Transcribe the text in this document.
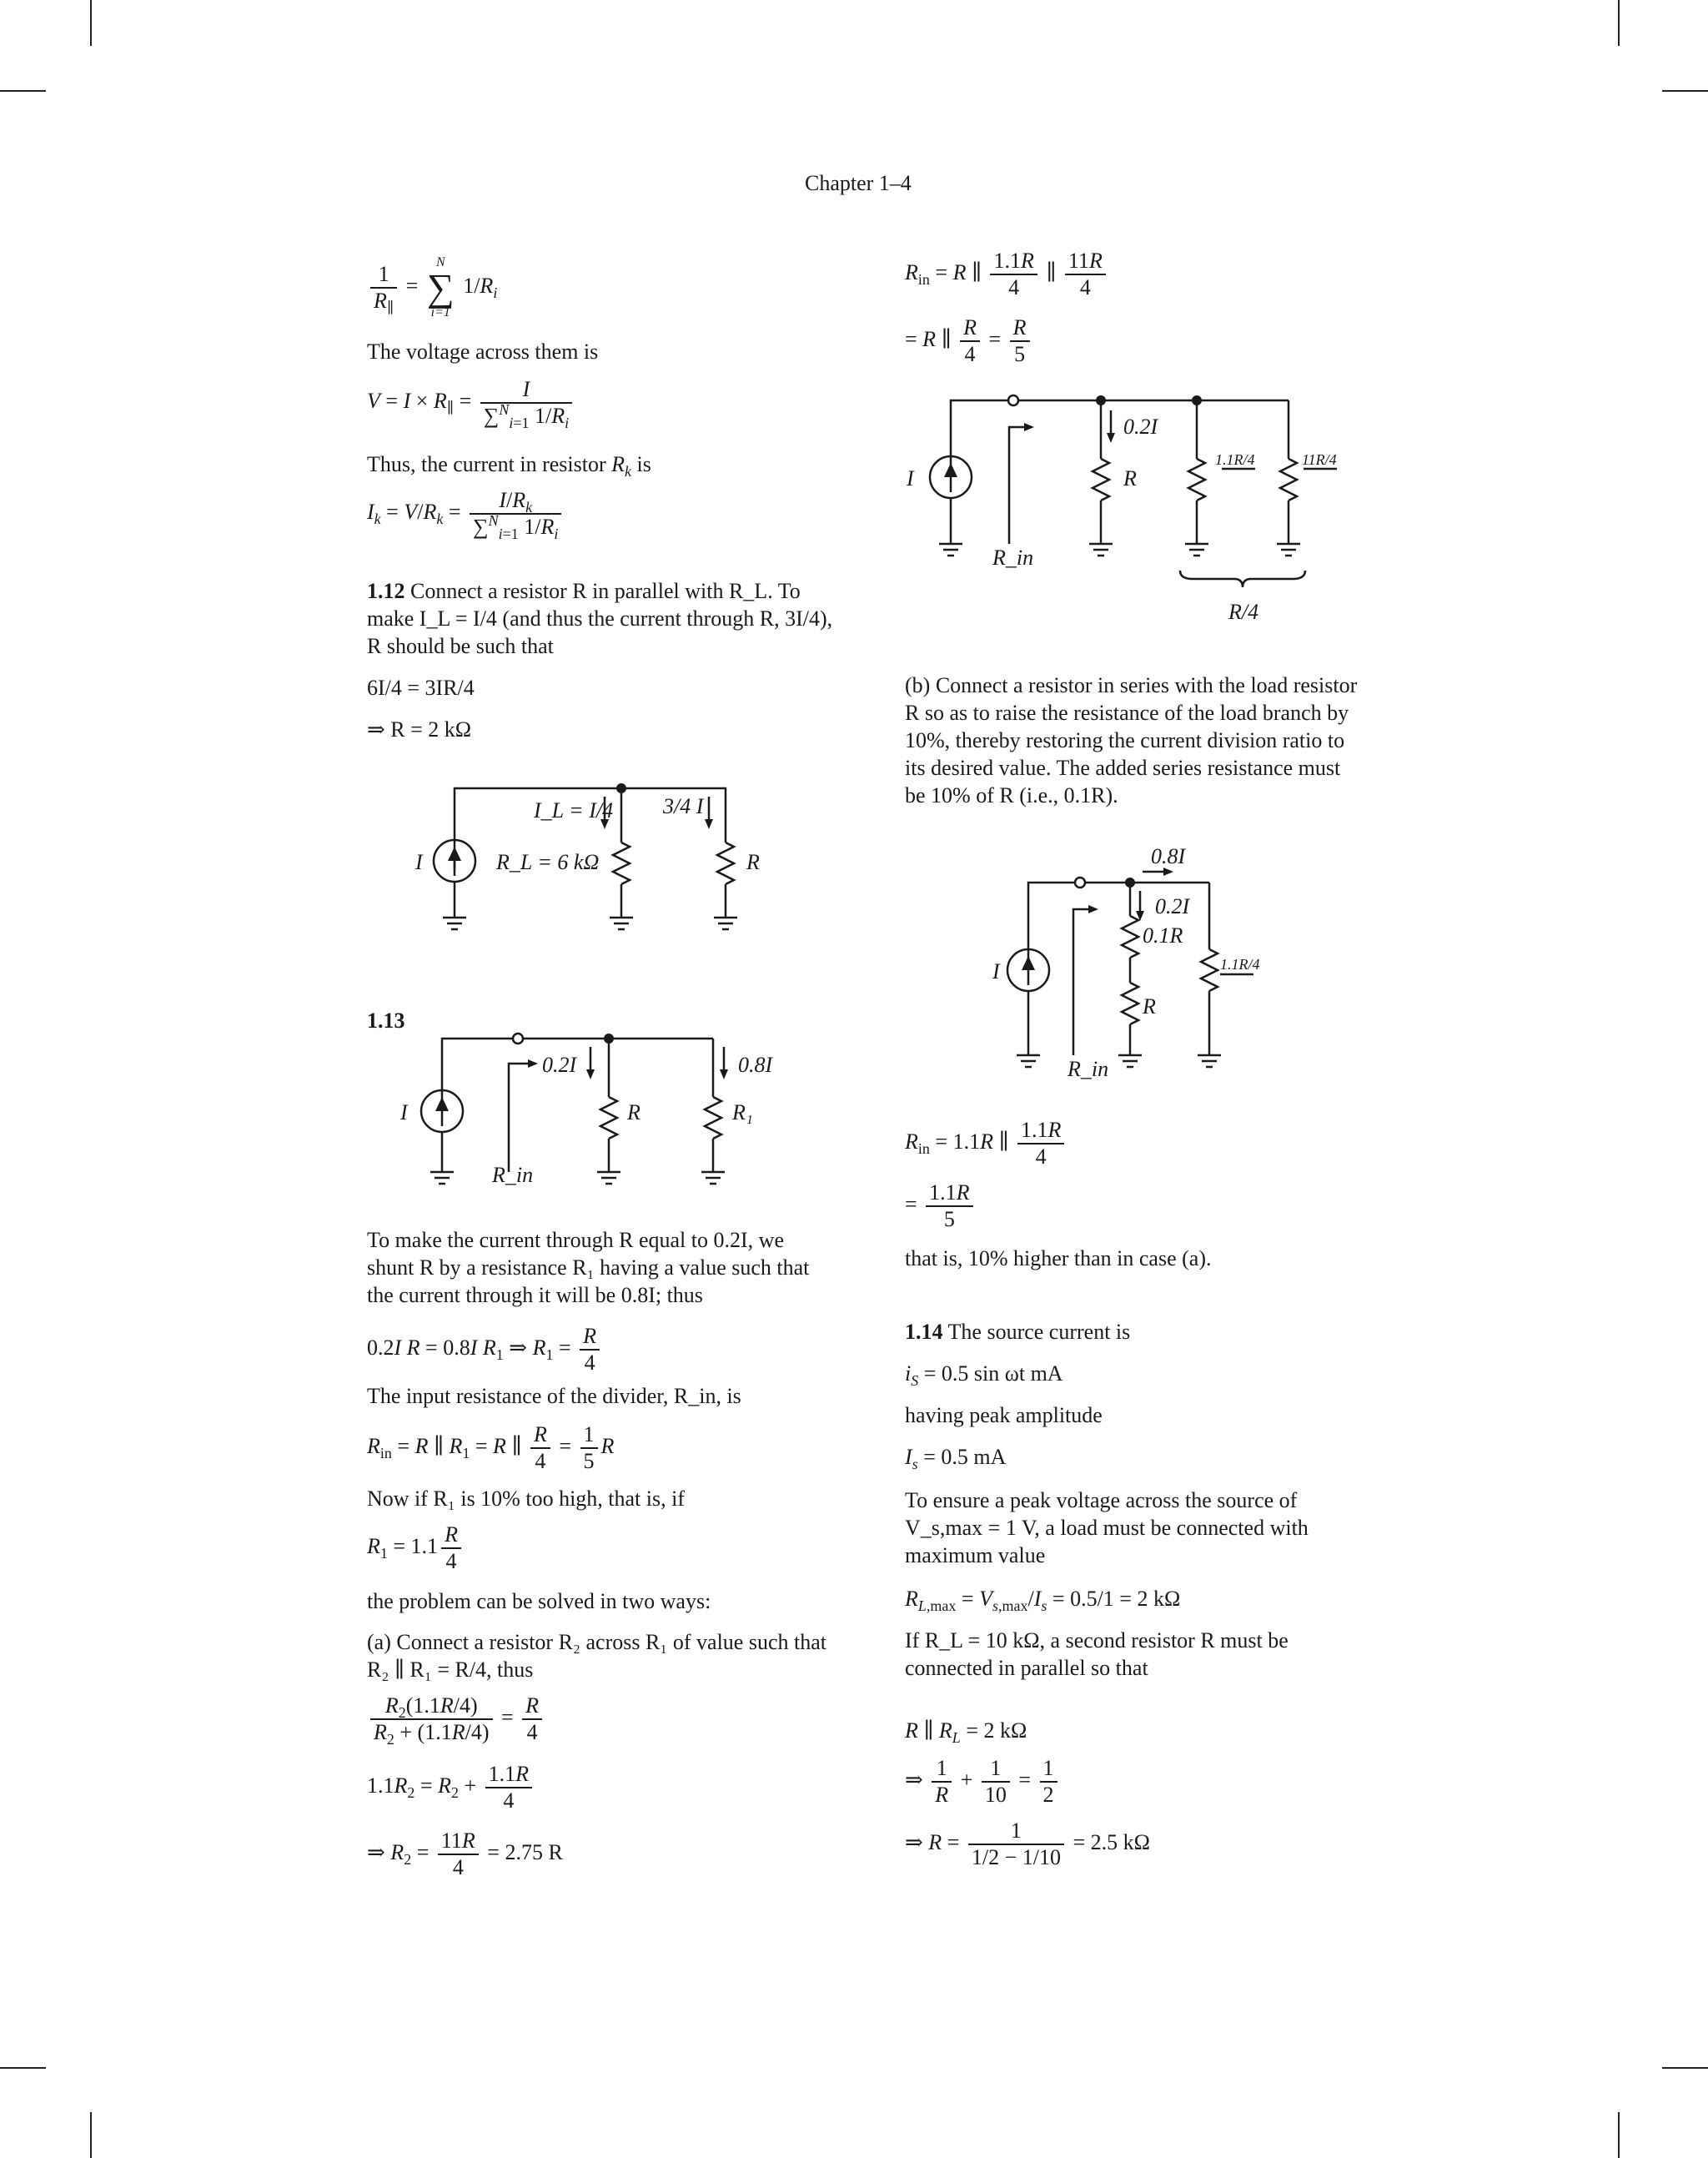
Chapter 1–4
$\frac{1}{R_\parallel}$ =
N
∑
i=1
$1/R_i$
The voltage across them is
$V = I \times R_\parallel = \frac{I}{\sum^N_{i=1} 1/R_i}$
Thus, the current in resistor $R_k$ is
$I_k = V/R_k = \frac{I/R_k}{\sum^N_{i=1} 1/R_i}$
1.12 Connect a resistor R in parallel with R_L. To make I_L = I/4 (and thus the current through R, 3I/4), R should be such that
6I/4 = 3IR/4
⇒ R = 2 kΩ
I
I_L = I/4
R_L = 6 kΩ	R
3/4 I
1.13
I
0.2I	0.8I
R	R₁
R_in
To make the current through R equal to 0.2I, we shunt R by a resistance R₁ having a value such that the current through it will be 0.8I; thus
0.2I R = 0.8I $R_1$ ⇒ $R_1 = \frac{R}{4}$
The input resistance of the divider, R_in, is
$R_{in} = R$ ∥ $R_1 = R$ ∥ $\frac{R}{4} = \frac{1}{5}$ R
Now if R₁ is 10% too high, that is, if
$R_1 = 1.1 \frac{R}{4}$
the problem can be solved in two ways:
(a) Connect a resistor R₂ across R₁ of value such that R₂ ∥ R₁ = R/4, thus
$\frac{R_2(1.1R/4)}{R_2 + (1.1R/4)} = \frac{R}{4}$
$1.1R_2 = R_2 + \frac{1.1R}{4}$
⇒ $R_2 = \frac{11R}{4} = 2.75$ R
$R_{in} = R$ ∥ $\frac{1.1R}{4}$ ∥ $\frac{11R}{4}$
= R ∥ $\frac{R}{4} = \frac{R}{5}$
I
0.2I
R
R_in
1.1R/4	11R/4
R/4
(b) Connect a resistor in series with the load resistor R so as to raise the resistance of the load branch by 10%, thereby restoring the current division ratio to its desired value. The added series resistance must be 10% of R (i.e., 0.1R).
I
0.8I
0.2I
0.1R
R
1.1R/4
R_in
$R_{in} = 1.1R$ ∥ $\frac{1.1R}{4}$
= $\frac{1.1R}{5}$
that is, 10% higher than in case (a).
1.14 The source current is
$i_S = 0.5$ sin ωt mA
having peak amplitude
$I_s = 0.5$ mA
To ensure a peak voltage across the source of V_s,max = 1 V, a load must be connected with maximum value
$R_{L,max} = V_{s,max}/I_s = 0.5/1 = 2$ kΩ
If R_L = 10 kΩ, a second resistor R must be connected in parallel so that
R ∥ $R_L = 2$ kΩ
⇒ $\frac{1}{R} + \frac{1}{10} = \frac{1}{2}$
⇒ $R = \frac{1}{1/2 - 1/10} = 2.5$ kΩ
